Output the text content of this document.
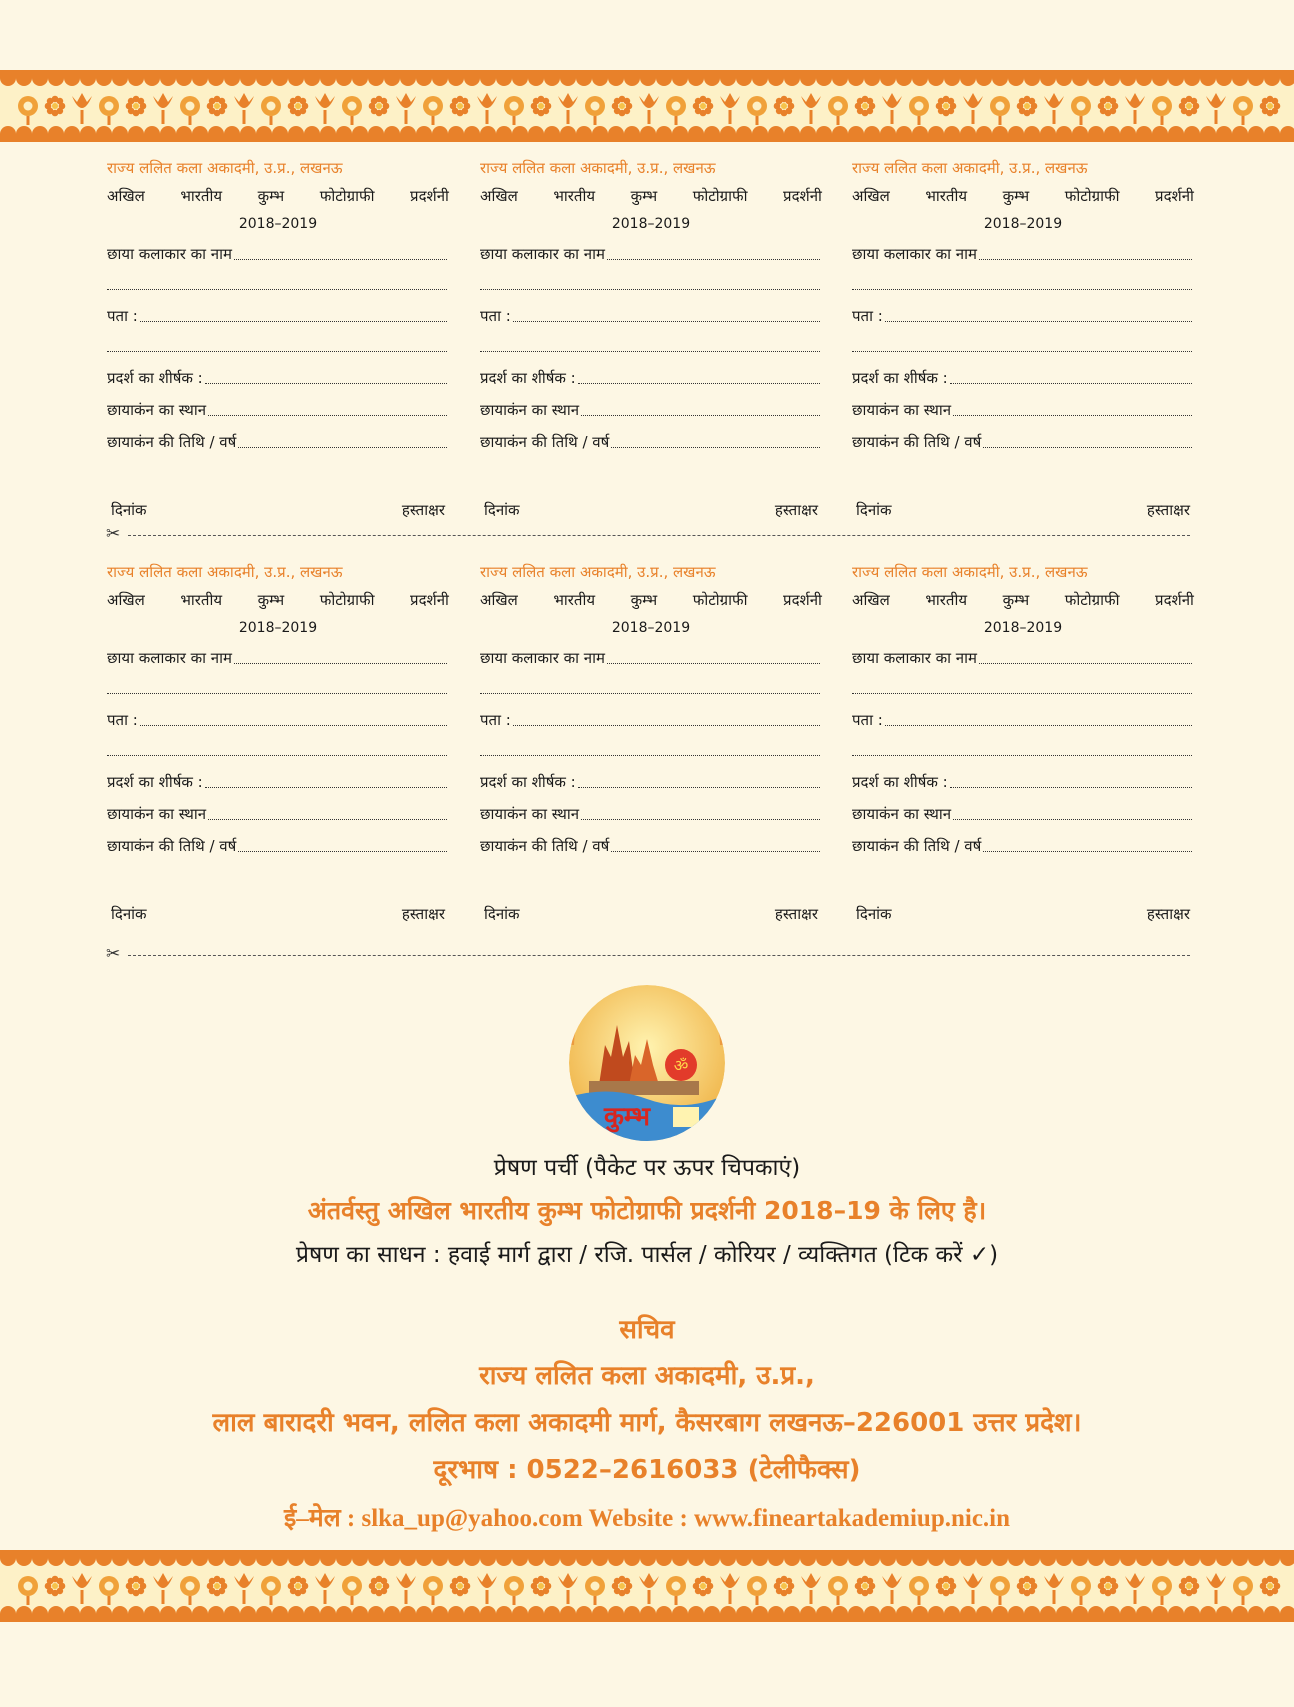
राज्य ललित कला अकादमी, उ.प्र., लखनऊ
अखिल भारतीय कुम्भ फोटोग्राफी प्रदर्शनी
2018–2019
छाया कलाकार का नाम
पता :
प्रदर्श का शीर्षक :
छायाकंन का स्थान
छायाकंन की तिथि / वर्ष
दिनांक	हस्ताक्षर
राज्य ललित कला अकादमी, उ.प्र., लखनऊ
अखिल भारतीय कुम्भ फोटोग्राफी प्रदर्शनी
2018–2019
छाया कलाकार का नाम
पता :
प्रदर्श का शीर्षक :
छायाकंन का स्थान
छायाकंन की तिथि / वर्ष
दिनांक	हस्ताक्षर
राज्य ललित कला अकादमी, उ.प्र., लखनऊ
अखिल भारतीय कुम्भ फोटोग्राफी प्रदर्शनी
2018–2019
छाया कलाकार का नाम
पता :
प्रदर्श का शीर्षक :
छायाकंन का स्थान
छायाकंन की तिथि / वर्ष
दिनांक	हस्ताक्षर
✂
राज्य ललित कला अकादमी, उ.प्र., लखनऊ
अखिल भारतीय कुम्भ फोटोग्राफी प्रदर्शनी
2018–2019
छाया कलाकार का नाम
पता :
प्रदर्श का शीर्षक :
छायाकंन का स्थान
छायाकंन की तिथि / वर्ष
दिनांक	हस्ताक्षर
राज्य ललित कला अकादमी, उ.प्र., लखनऊ
अखिल भारतीय कुम्भ फोटोग्राफी प्रदर्शनी
2018–2019
छाया कलाकार का नाम
पता :
प्रदर्श का शीर्षक :
छायाकंन का स्थान
छायाकंन की तिथि / वर्ष
दिनांक	हस्ताक्षर
राज्य ललित कला अकादमी, उ.प्र., लखनऊ
अखिल भारतीय कुम्भ फोटोग्राफी प्रदर्शनी
2018–2019
छाया कलाकार का नाम
पता :
प्रदर्श का शीर्षक :
छायाकंन का स्थान
छायाकंन की तिथि / वर्ष
दिनांक	हस्ताक्षर
✂
ॐ
कुम्भ
प्रेषण पर्ची (पैकेट पर ऊपर चिपकाएं)
अंतर्वस्तु अखिल भारतीय कुम्भ फोटोग्राफी प्रदर्शनी 2018–19 के लिए है।
प्रेषण का साधन : हवाई मार्ग द्वारा / रजि. पार्सल / कोरियर / व्यक्तिगत (टिक करें ✓)
सचिव
राज्य ललित कला अकादमी, उ.प्र.,
लाल बारादरी भवन, ललित कला अकादमी मार्ग, कैसरबाग लखनऊ–226001 उत्तर प्रदेश।
दूरभाष : 0522–2616033 (टेलीफैक्स)
ई–मेल : slka_up@yahoo.com Website : www.fineartakademiup.nic.in
